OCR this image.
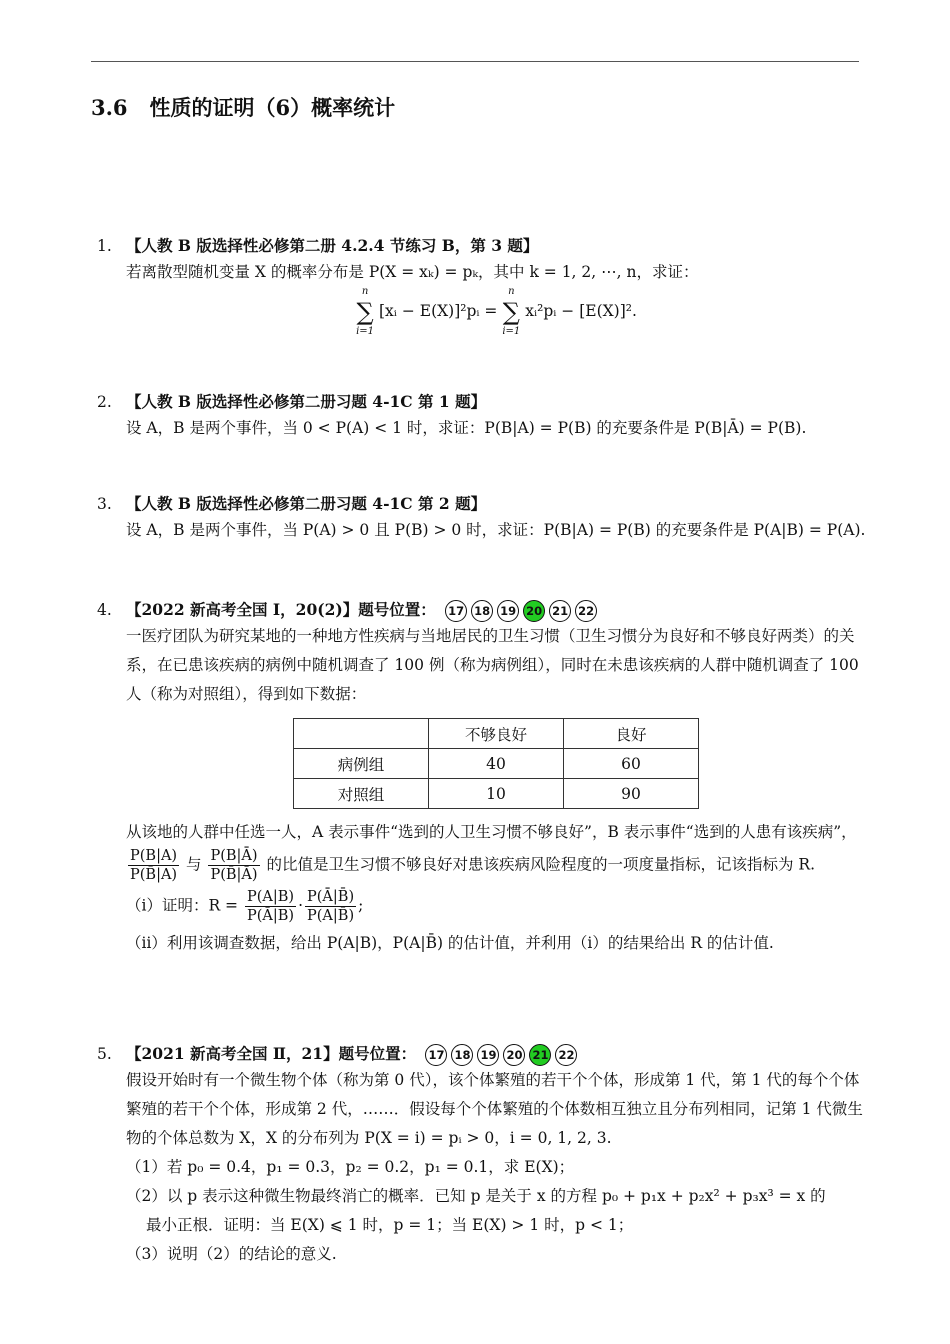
3.6 性质的证明（6）概率统计
1. 【人教 B 版选择性必修第二册 4.2.4 节练习 B，第 3 题】

若离散型随机变量 X 的概率分布是 P(X = xₖ) = pₖ，其中 k = 1, 2, ⋯, n，求证：

n
∑
i=1
[xᵢ − E(X)]²pᵢ =
n
∑
i=1
xᵢ²pᵢ − [E(X)]².
2. 【人教 B 版选择性必修第二册习题 4-1C 第 1 题】

设 A，B 是两个事件，当 0 < P(A) < 1 时，求证：P(B|A) = P(B) 的充要条件是 P(B|Ā) = P(B).

3. 【人教 B 版选择性必修第二册习题 4-1C 第 2 题】

设 A，B 是两个事件，当 P(A) > 0 且 P(B) > 0 时，求证：P(B|A) = P(B) 的充要条件是 P(A|B) = P(A).

4. 【2022 新高考全国 Ⅰ，20(2)】题号位置： 17 18 19 20 21 22

一医疗团队为研究某地的一种地方性疾病与当地居民的卫生习惯（卫生习惯分为良好和不够良好两类）的关系，在已患该疾病的病例中随机调查了 100 例（称为病例组），同时在未患该疾病的人群中随机调查了 100 人（称为对照组），得到如下数据：

	不够良好	良好
病例组	40	60
对照组	10	90

从该地的人群中任选一人，A 表示事件“选到的人卫生习惯不够良好”，B 表示事件“选到的人患有该疾病”，
$\frac{P(B|A)}{P(B̄|A)}$ 与 $\frac{P(B|Ā)}{P(B̄|Ā)}$ 的比值是卫生习惯不够良好对患该疾病风险程度的一项度量指标，记该指标为 R.

（ⅰ）证明：$R = \frac{P(A|B)}{P(Ā|B)} \cdot \frac{P(Ā|B̄)}{P(A|B̄)}$ ;

（ⅱ）利用该调查数据，给出 P(A|B)，P(A|B̄) 的估计值，并利用（ⅰ）的结果给出 R 的估计值.

5. 【2021 新高考全国 Ⅱ，21】题号位置： 17 18 19 20 21 22

假设开始时有一个微生物个体（称为第 0 代），该个体繁殖的若干个个体，形成第 1 代，第 1 代的每个个体繁殖的若干个个体，形成第 2 代，……．假设每个个体繁殖的个体数相互独立且分布列相同，记第 1 代微生物的个体总数为 X，X 的分布列为 P(X = i) = pᵢ > 0，i = 0, 1, 2, 3.

（1）若 p₀ = 0.4，p₁ = 0.3，p₂ = 0.2，p₁ = 0.1，求 E(X)；

（2）以 p 表示这种微生物最终消亡的概率．已知 p 是关于 x 的方程 p₀ + p₁x + p₂x² + p₃x³ = x 的

最小正根．证明：当 E(X) ⩽ 1 时，p = 1；当 E(X) > 1 时，p < 1；

（3）说明（2）的结论的意义.
